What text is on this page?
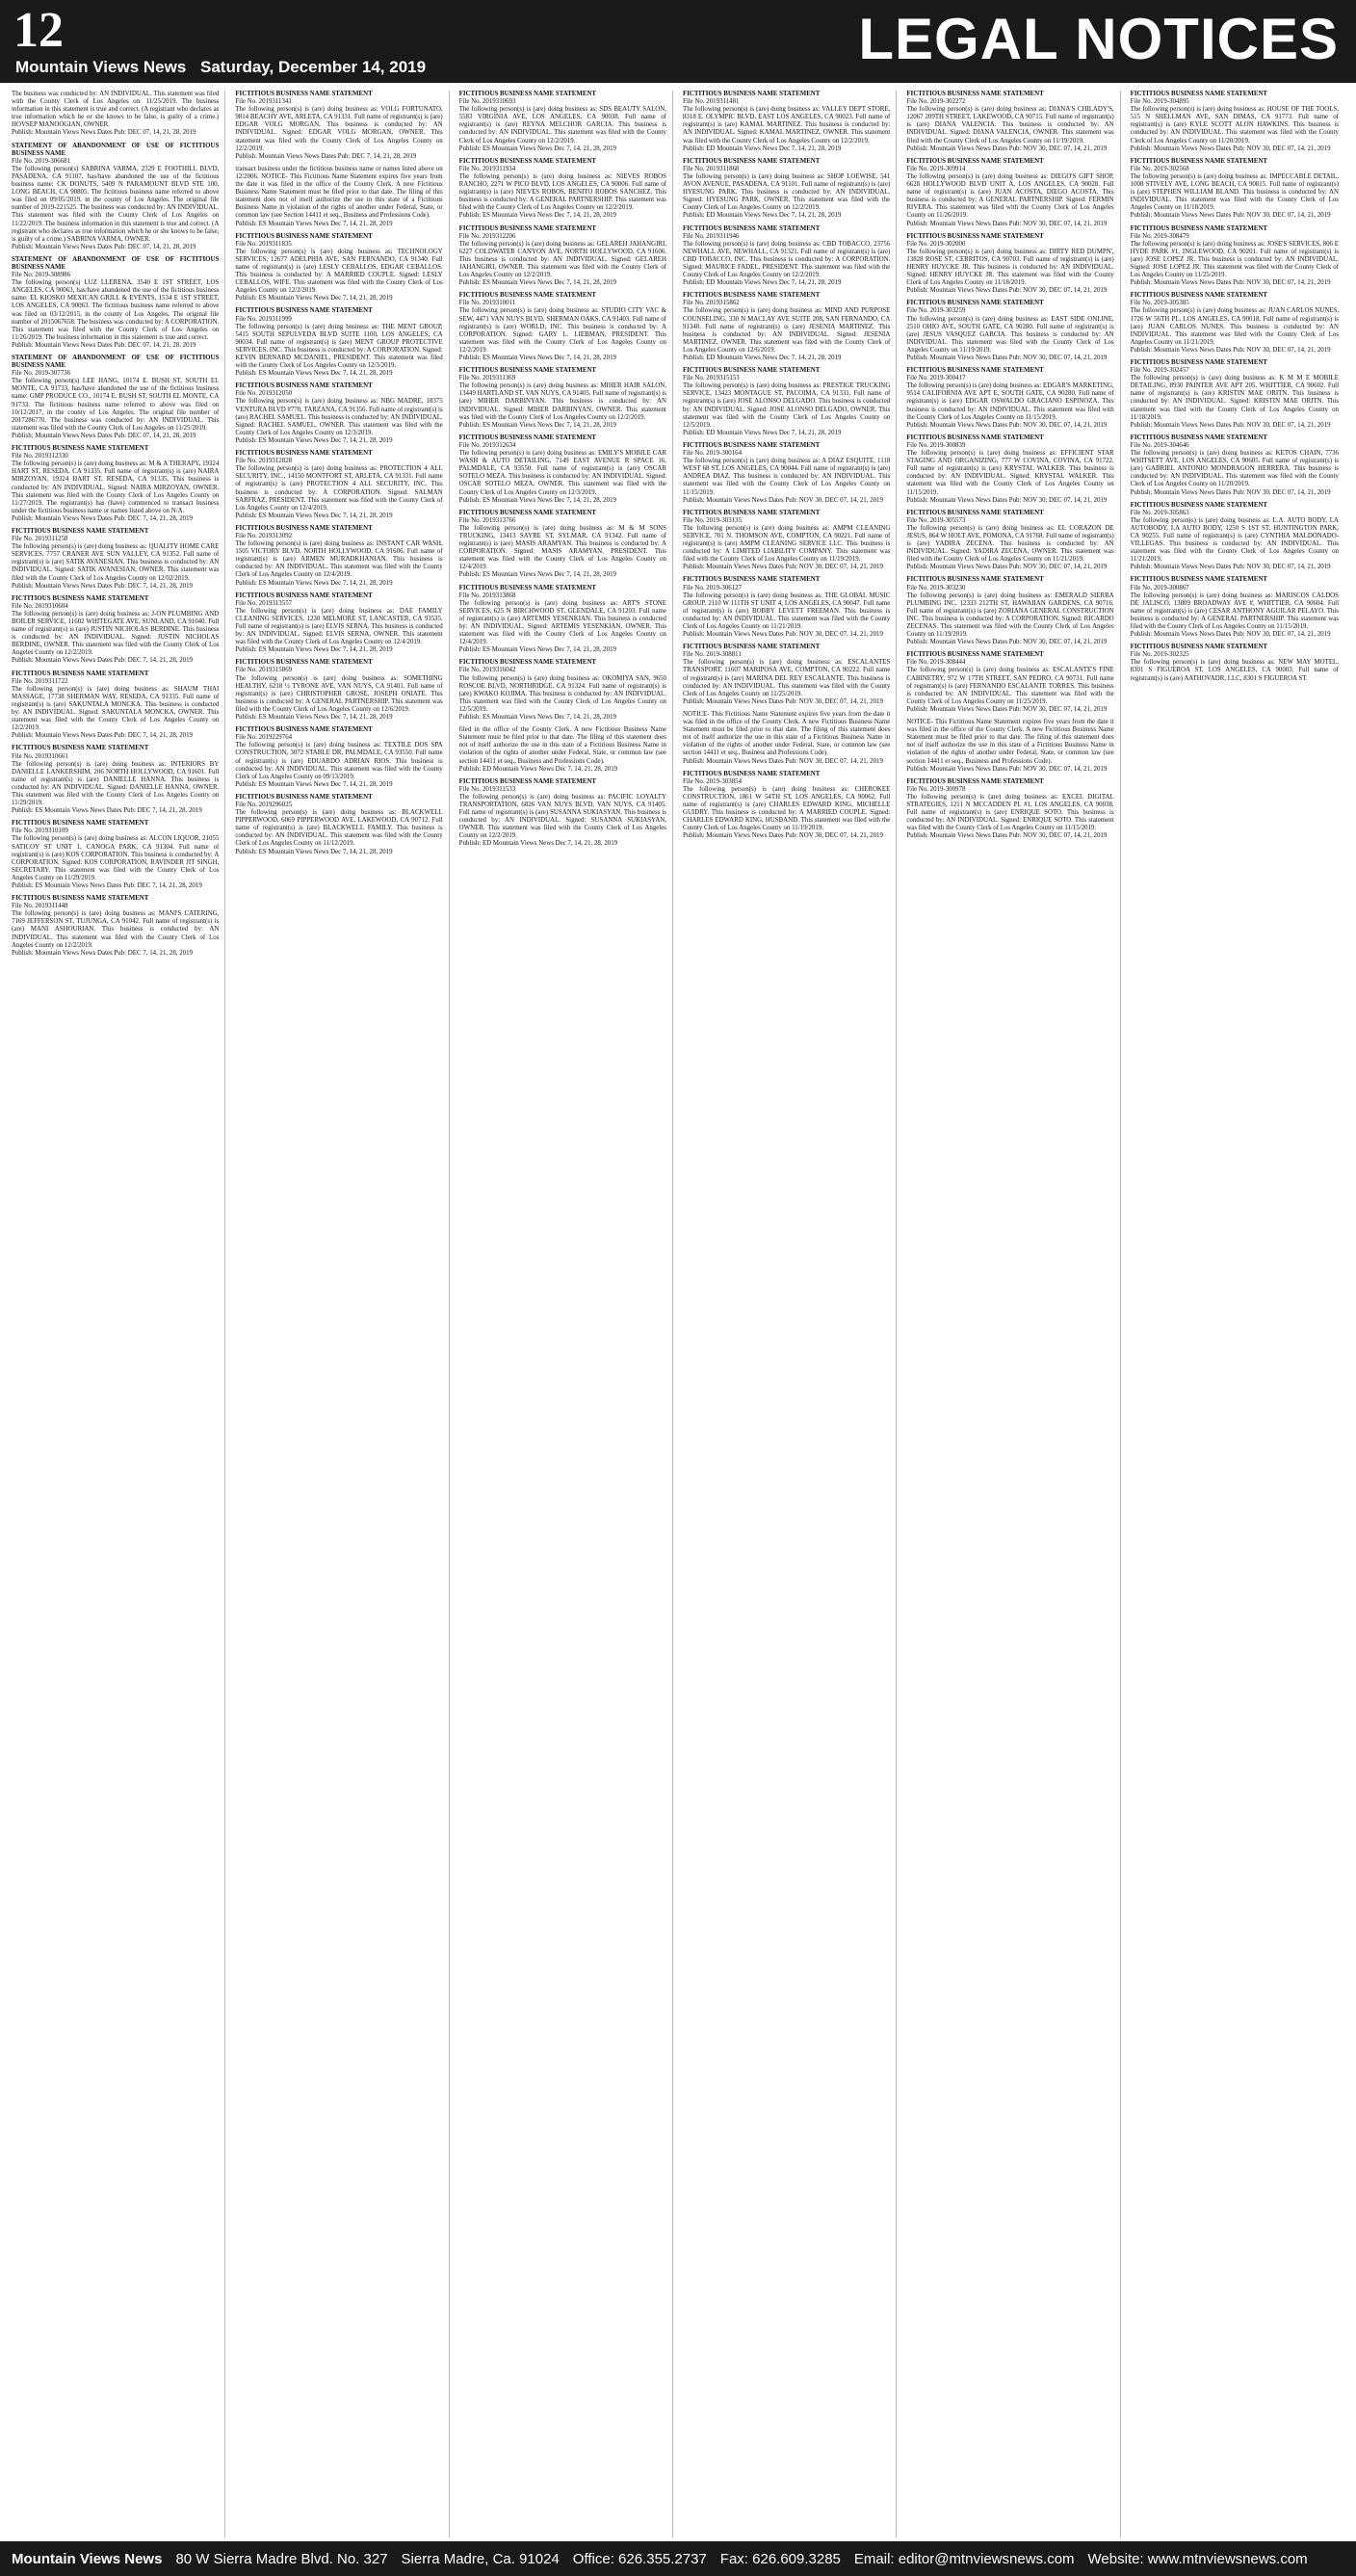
12
Mountain Views News Saturday, December 14, 2019	LEGAL NOTICES
The business was conducted by: AN INDIVIDUAL. This statement was filed with the County Clerk of Los Angeles on: 11/25/2019. The business information in this statement is true and correct. (A registrant who declares as true information which he or she knows to be false, is guilty of a crime.) HOVSEP MANOOGIAN, OWNER.
Publish: Mountain Views News Dates Pub: DEC 07, 14, 21, 28, 2019
STATEMENT OF ABANDONMENT OF USE OF FICTITIOUS BUSINESS NAME
File No. 2019-306681
The following person(s) SABRINA VARMA, 2329 E FOOTHILL BLVD, PASADENA, CA 91107, has/have abandoned the use of the fictitious business name: CK DONUTS, 5409 N PARAMOUNT BLVD STE 100, LONG BEACH, CA 90805. The fictitious business name referred to above was filed on 09/05/2019, in the county of Los Angeles. The original file number of 2019-221525. The business was conducted by: AN INDIVIDUAL. This statement was filed with the County Clerk of Los Angeles on 11/22/2019. The business information in this statement is true and correct. (A registrant who declares as true information which he or she knows to be false, is guilty of a crime.) SABRINA VARMA, OWNER.
Publish: Mountain Views News Dates Pub: DEC 07, 14, 21, 28, 2019
STATEMENT OF ABANDONMENT OF USE OF FICTITIOUS BUSINESS NAME
File No. 2019-308986
The following person(s) LUZ LLERENA, 3540 E 1ST STREET, LOS ANGELES, CA 90063, has/have abandoned the use of the fictitious business name: EL KIOSKO MEXICAN GRILL & EVENTS, 1534 E 1ST STREET, LOS ANGELES, CA 90063. The fictitious business name referred to above was filed on 03/12/2015, in the county of Los Angeles. The original file number of 2015067658. The business was conducted by: A CORPORATION. This statement was filed with the County Clerk of Los Angeles on 11/26/2019. The business information in this statement is true and correct.
Publish: Mountain Views News Dates Pub: DEC 07, 14, 21, 28, 2019
STATEMENT OF ABANDONMENT OF USE OF FICTITIOUS BUSINESS NAME
File No. 2019-307736
The following person(s) LEE HANG, 10174 E. BUSH ST, SOUTH EL MONTE, CA 91733, has/have abandoned the use of the fictitious business name: GMP PRODUCE CO., 10174 E. BUSH ST, SOUTH EL MONTE, CA 91733. The fictitious business name referred to above was filed on 10/12/2017, in the county of Los Angeles. The original file number of 2017286770. The business was conducted by: AN INDIVIDUAL. This statement was filed with the County Clerk of Los Angeles on 11/25/2019.
Publish: Mountain Views News Dates Pub: DEC 07, 14, 21, 28, 2019
FICTITIOUS BUSINESS NAME STATEMENT
File No. 2019312330
The following person(s) is (are) doing business as: M & A THERAPY, 19324 HART ST, RESEDA, CA 91335. Full name of registrant(s) is (are) NAIRA MIRZOYAN, 19324 HART ST, RESEDA, CA 91335. This business is conducted by: AN INDIVIDUAL. Signed: NAIRA MIRZOYAN, OWNER. This statement was filed with the County Clerk of Los Angeles County on 11/27/2019. The registrant(s) has (have) commenced to transact business under the fictitious business name or names listed above on N/A.
Publish: Mountain Views News Dates Pub: DEC 7, 14, 21, 28, 2019
FICTITIOUS BUSINESS NAME STATEMENT
File No. 2019311258
The following person(s) is (are) doing business as: QUALITY HOME CARE SERVICES, 7757 CRANER AVE SUN VALLEY, CA 91352. Full name of registrant(s) is (are) SATIK AVANESIAN. This business is conducted by: AN INDIVIDUAL. Signed: SATIK AVANESIAN, OWNER. This statement was filed with the County Clerk of Los Angeles County on 12/02/2019.
Publish: Mountain Views News Dates Pub: DEC 7, 14, 21, 28, 2019
FICTITIOUS BUSINESS NAME STATEMENT
File No. 2019310604
The following person(s) is (are) doing business as: J-ON PLUMBING AND BOILER SERVICE, 11602 WHITEGATE AVE, SUNLAND, CA 91040. Full name of registrant(s) is (are) JUSTIN NICHOLAS BERDINE. This business is conducted by: AN INDIVIDUAL. Signed: JUSTIN NICHOLAS BERDINE, OWNER. This statement was filed with the County Clerk of Los Angeles County on 12/2/2019.
Publish: Mountain Views News Dates Pub: DEC 7, 14, 21, 28, 2019
FICTITIOUS BUSINESS NAME STATEMENT
File No. 2019311722
The following person(s) is (are) doing business as: SHAUM THAI MASSAGE, 17738 SHERMAN WAY, RESEDA, CA 91335. Full name of registrant(s) is (are) SAKUNTALA MONCKA. This business is conducted by: AN INDIVIDUAL. Signed: SAKUNTALA MONCKA, OWNER. This statement was filed with the County Clerk of Los Angeles County on 12/2/2019.
Publish: Mountain Views News Dates Pub: DEC 7, 14, 21, 28, 2019
FICTITIOUS BUSINESS NAME STATEMENT
File No. 2019310661
The following person(s) is (are) doing business as: INTERIORS BY DANIELLE LANKERSHIM, 206 NORTH HOLLYWOOD, CA 91601. Full name of registrant(s) is (are) DANIELLE HANNA. This business is conducted by: AN INDIVIDUAL. Signed: DANIELLE HANNA, OWNER. This statement was filed with the County Clerk of Los Angeles County on 11/29/2019.
Publish: ES Mountain Views News Dates Pub: DEC 7, 14, 21, 28, 2019
FICTITIOUS BUSINESS NAME STATEMENT
File No. 2019310109
The following person(s) is (are) doing business as: ALCON LIQUOR, 21055 SATICOY ST UNIT 1, CANOGA PARK, CA 91304. Full name of registrant(s) is (are) KOS CORPORATION. This business is conducted by: A CORPORATION. Signed: KOS CORPORATION, RAVINDER JIT SINGH, SECRETARY. This statement was filed with the County Clerk of Los Angeles County on 11/29/2019.
Publish: ES Mountain Views News Dates Pub: DEC 7, 14, 21, 28, 2019
FICTITIOUS BUSINESS NAME STATEMENT
File No. 2019311448
The following person(s) is (are) doing business as: MANI'S CATERING, 7169 JEFFERSON ST, TUJUNGA, CA 91042. Full name of registrant(s) is (are) MANI ASHOURIAN. This business is conducted by: AN INDIVIDUAL. This statement was filed with the County Clerk of Los Angeles County on 12/2/2019.
Publish: Mountain Views News Dates Pub: DEC 7, 14, 21, 28, 2019
FICTITIOUS BUSINESS NAME STATEMENT
File No. 2019311341
The following person(s) is (are) doing business as: VOLG FORTUNATO, 9814 BEACHY AVE, ARLETA, CA 91331. Full name of registrant(s) is (are) EDGAR VOLG MORGAN. This business is conducted by: AN INDIVIDUAL. Signed: EDGAR VOLG MORGAN, OWNER. This statement was filed with the County Clerk of Los Angeles County on 12/2/2019.
Publish: Mountain Views News Dates Pub: DEC 7, 14, 21, 28, 2019
transact business under the fictitious business name or names listed above on 12/2006. NOTICE- This Fictitious Name Statement expires five years from the date it was filed in the office of the County Clerk. A new Fictitious Business Name Statement must be filed prior to that date. The filing of this statement does not of itself authorize the use in this state of a Fictitious Business Name in violation of the rights of another under Federal, State, or common law (see Section 14411 et seq., Business and Professions Code).
Publish: ES Mountain Views News Dec 7, 14, 21, 28, 2019
FICTITIOUS BUSINESS NAME STATEMENT
File No. 2019311835
The following person(s) is (are) doing business as: TECHNOLOGY SERVICES, 12677 ADELPHIA AVE, SAN FERNANDO, CA 91340. Full name of registrant(s) is (are) LESLY CEBALLOS, EDGAR CEBALLOS. This business is conducted by: A MARRIED COUPLE. Signed: LESLY CEBALLOS, WIFE. This statement was filed with the County Clerk of Los Angeles County on 12/2/2019.
Publish: ES Mountain Views News Dec 7, 14, 21, 28, 2019
FICTITIOUS BUSINESS NAME STATEMENT
File No. 2019311999
The following person(s) is (are) doing business as: THE MENT GROUP, 5415 SOUTH SEPULVEDA BLVD SUITE 1100, LOS ANGELES, CA 90034. Full name of registrant(s) is (are) MENT GROUP PROTECTIVE SERVICES, INC. This business is conducted by: A CORPORATION. Signed: KEVIN BERNARD MCDANIEL, PRESIDENT. This statement was filed with the County Clerk of Los Angeles County on 12/3/2019.
Publish: ES Mountain Views News Dec 7, 14, 21, 28, 2019
FICTITIOUS BUSINESS NAME STATEMENT
File No. 2019312050
The following person(s) is (are) doing business as: NBG MADRE, 18375 VENTURA BLVD #770, TARZANA, CA 91356. Full name of registrant(s) is (are) RACHEL SAMUEL. This business is conducted by: AN INDIVIDUAL. Signed: RACHEL SAMUEL, OWNER. This statement was filed with the County Clerk of Los Angeles County on 12/3/2019.
Publish: ES Mountain Views News Dec 7, 14, 21, 28, 2019
FICTITIOUS BUSINESS NAME STATEMENT
File No. 2019312828
The following person(s) is (are) doing business as: PROTECTION 4 ALL SECURITY, INC., 14150 MONTFORT ST, ARLETA, CA 91331. Full name of registrant(s) is (are) PROTECTION 4 ALL SECURITY, INC. This business is conducted by: A CORPORATION. Signed: SALMAN SARFRAZ, PRESIDENT. This statement was filed with the County Clerk of Los Angeles County on 12/4/2019.
Publish: ES Mountain Views News Dec 7, 14, 21, 28, 2019
FICTITIOUS BUSINESS NAME STATEMENT
File No. 2019313092
The following person(s) is (are) doing business as: INSTANT CAR WASH, 1505 VICTORY BLVD, NORTH HOLLYWOOD, CA 91606. Full name of registrant(s) is (are) ARMEN MURADKHANIAN. This business is conducted by: AN INDIVIDUAL. This statement was filed with the County Clerk of Los Angeles County on 12/4/2019.
Publish: ES Mountain Views News Dec 7, 14, 21, 28, 2019
FICTITIOUS BUSINESS NAME STATEMENT
File No. 2019313557
The following person(s) is (are) doing business as: DAE FAMILY CLEANING SERVICES, 1230 MELMORE ST, LANCASTER, CA 93535. Full name of registrant(s) is (are) ELVIS SERNA. This business is conducted by: AN INDIVIDUAL. Signed: ELVIS SERNA, OWNER. This statement was filed with the County Clerk of Los Angeles County on 12/4/2019.
Publish: ES Mountain Views News Dec 7, 14, 21, 28, 2019
FICTITIOUS BUSINESS NAME STATEMENT
File No. 2019315869
The following person(s) is (are) doing business as: SOMETHING HEALTHY, 6218 ½ TYRONE AVE, VAN NUYS, CA 91401. Full name of registrant(s) is (are) CHRISTOPHER GROSE, JOSEPH ONIATE. This business is conducted by: A GENERAL PARTNERSHIP. This statement was filed with the County Clerk of Los Angeles County on 12/6/2019.
Publish: ES Mountain Views News Dec 7, 14, 21, 28, 2019
FICTITIOUS BUSINESS NAME STATEMENT
File No. 2019229764
The following person(s) is (are) doing business as: TEXTILE DOS SPA CONSTRUCTION, 3072 STABLE DR, PALMDALE, CA 93550. Full name of registrant(s) is (are) EDUARDO ADRIAN RIOS. This business is conducted by: AN INDIVIDUAL. This statement was filed with the County Clerk of Los Angeles County on 09/13/2019.
Publish: ES Mountain Views News Dec 7, 14, 21, 28, 2019
FICTITIOUS BUSINESS NAME STATEMENT
File No. 2019296025
The following person(s) is (are) doing business as: BLACKWELL PIPPERWOOD, 6069 PIPPERWOOD AVE, LAKEWOOD, CA 90712. Full name of registrant(s) is (are) BLACKWELL FAMILY. This business is conducted by: AN INDIVIDUAL. This statement was filed with the County Clerk of Los Angeles County on 11/12/2019.
Publish: ES Mountain Views News Dec 7, 14, 21, 28, 2019
FICTITIOUS BUSINESS NAME STATEMENT
File No. 2019310693
The following person(s) is (are) doing business as: SDS BEAUTY SALON, 5583 VIRGINIA AVE, LOS ANGELES, CA 90038. Full name of registrant(s) is (are) REYNA MELCHOR GARCIA. This business is conducted by: AN INDIVIDUAL. This statement was filed with the County Clerk of Los Angeles County on 12/2/2019.
Publish: ES Mountain Views News Dec 7, 14, 21, 28, 2019
FICTITIOUS BUSINESS NAME STATEMENT
File No. 2019311934
The following person(s) is (are) doing business as: NIEVES ROBOS RANCHO, 2271 W PICO BLVD, LOS ANGELES, CA 90006. Full name of registrant(s) is (are) NIEVES ROBOS, BENITO ROBOS SANCHEZ. This business is conducted by: A GENERAL PARTNERSHIP. This statement was filed with the County Clerk of Los Angeles County on 12/2/2019.
Publish: ES Mountain Views News Dec 7, 14, 21, 28, 2019
FICTITIOUS BUSINESS NAME STATEMENT
File No. 2019312206
The following person(s) is (are) doing business as: GELAREH JAHANGIRI, 6227 COLDWATER CANYON AVE, NORTH HOLLYWOOD, CA 91606. This business is conducted by: AN INDIVIDUAL. Signed: GELAREH JAHANGIRI, OWNER. This statement was filed with the County Clerk of Los Angeles County on 12/2/2019.
Publish: ES Mountain Views News Dec 7, 14, 21, 28, 2019
FICTITIOUS BUSINESS NAME STATEMENT
File No. 2019310011
The following person(s) is (are) doing business as: STUDIO CITY VAC & SEW, 4471 VAN NUYS BLVD, SHERMAN OAKS, CA 91403. Full name of registrant(s) is (are) WORLD, INC. This business is conducted by: A CORPORATION. Signed: GARY L. LIEBMAN, PRESIDENT. This statement was filed with the County Clerk of Los Angeles County on 12/2/2019.
Publish: ES Mountain Views News Dec 7, 14, 21, 28, 2019
FICTITIOUS BUSINESS NAME STATEMENT
File No. 2019311369
The following person(s) is (are) doing business as: MIHER HAIR SALON, 13449 HARTLAND ST, VAN NUYS, CA 91405. Full name of registrant(s) is (are) MIHER DARBINYAN. This business is conducted by: AN INDIVIDUAL. Signed: MIHER DARBINYAN, OWNER. This statement was filed with the County Clerk of Los Angeles County on 12/2/2019.
Publish: ES Mountain Views News Dec 7, 14, 21, 28, 2019
FICTITIOUS BUSINESS NAME STATEMENT
File No. 2019312634
The following person(s) is (are) doing business as: EMILY'S MOBILE CAR WASH & AUTO DETAILING, 7149 EAST AVENUE R SPACE 16, PALMDALE, CA 93550. Full name of registrant(s) is (are) OSCAR SOTELO MEZA. This business is conducted by: AN INDIVIDUAL. Signed: OSCAR SOTELO MEZA, OWNER. This statement was filed with the County Clerk of Los Angeles County on 12/3/2019.
Publish: ES Mountain Views News Dec 7, 14, 21, 28, 2019
FICTITIOUS BUSINESS NAME STATEMENT
File No. 2019313766
The following person(s) is (are) doing business as: M & M SONS TRUCKING, 13413 SAYRE ST, SYLMAR, CA 91342. Full name of registrant(s) is (are) MASIS ARAMYAN. This business is conducted by: A CORPORATION. Signed: MASIS ARAMYAN, PRESIDENT. This statement was filed with the County Clerk of Los Angeles County on 12/4/2019.
Publish: ES Mountain Views News Dec 7, 14, 21, 28, 2019
FICTITIOUS BUSINESS NAME STATEMENT
File No. 2019313868
The following person(s) is (are) doing business as: ART'S STONE SERVICES, 625 N BIRCHWOOD ST, GLENDALE, CA 91203. Full name of registrant(s) is (are) ARTEMIS YESENKIAN. This business is conducted by: AN INDIVIDUAL. Signed: ARTEMIS YESENKIAN, OWNER. This statement was filed with the County Clerk of Los Angeles County on 12/4/2019.
Publish: ES Mountain Views News Dec 7, 14, 21, 28, 2019
FICTITIOUS BUSINESS NAME STATEMENT
File No. 2019316042
The following person(s) is (are) doing business as: OKOMIYA SAN, 9650 ROSCOE BLVD, NORTHRIDGE, CA 91324. Full name of registrant(s) is (are) KWAKO KOJIMA. This business is conducted by: AN INDIVIDUAL. This statement was filed with the County Clerk of Los Angeles County on 12/5/2019.
Publish: ES Mountain Views News Dec 7, 14, 21, 28, 2019
filed in the office of the County Clerk. A new Fictitious Business Name Statement must be filed prior to that date. The filing of this statement does not of itself authorize the use in this state of a Fictitious Business Name in violation of the rights of another under Federal, State, or common law (see section 14411 et seq., Business and Professions Code).
Publish: ED Mountain Views News Dec 7, 14, 21, 28, 2019
FICTITIOUS BUSINESS NAME STATEMENT
File No. 2019311533
The following person(s) is (are) doing business as: PACIFIC LOYALTY TRANSPORTATION, 6826 VAN NUYS BLVD, VAN NUYS, CA 91405. Full name of registrant(s) is (are) SUSANNA SUKIASYAN. This business is conducted by: AN INDIVIDUAL. Signed: SUSANNA SUKIASYAN, OWNER. This statement was filed with the County Clerk of Los Angeles County on 12/2/2019.
Publish: ED Mountain Views News Dec 7, 14, 21, 28, 2019
FICTITIOUS BUSINESS NAME STATEMENT
File No. 2019311481
The following person(s) is (are) doing business as: VALLEY DEPT STORE, 8318 E. OLYMPIC BLVD, EAST LOS ANGELES, CA 90023. Full name of registrant(s) is (are) KAMAL MARTINEZ. This business is conducted by: AN INDIVIDUAL. Signed: KAMAL MARTINEZ, OWNER. This statement was filed with the County Clerk of Los Angeles County on 12/2/2019.
Publish: ED Mountain Views News Dec 7, 14, 21, 28, 2019
FICTITIOUS BUSINESS NAME STATEMENT
File No. 2019311868
The following person(s) is (are) doing business as: SHOP LOEWISE, 541 AVON AVENUE, PASADENA, CA 91101. Full name of registrant(s) is (are) HYESUNG PARK. This business is conducted by: AN INDIVIDUAL. Signed: HYESUNG PARK, OWNER. This statement was filed with the County Clerk of Los Angeles County on 12/2/2019.
Publish: ED Mountain Views News Dec 7, 14, 21, 28, 2019
FICTITIOUS BUSINESS NAME STATEMENT
File No. 2019311946
The following person(s) is (are) doing business as: CBD TOBACCO, 23756 NEWHALL AVE, NEWHALL, CA 91321. Full name of registrant(s) is (are) CBD TOBACCO, INC. This business is conducted by: A CORPORATION. Signed: MAURICE FADEL, PRESIDENT. This statement was filed with the County Clerk of Los Angeles County on 12/2/2019.
Publish: ED Mountain Views News Dec 7, 14, 21, 28, 2019
FICTITIOUS BUSINESS NAME STATEMENT
File No. 2019315862
The following person(s) is (are) doing business as: MIND AND PURPOSE COUNSELING, 330 N MACLAY AVE SUITE 208, SAN FERNANDO, CA 91340. Full name of registrant(s) is (are) JESENIA MARTINEZ. This business is conducted by: AN INDIVIDUAL. Signed: JESENIA MARTINEZ, OWNER. This statement was filed with the County Clerk of Los Angeles County on 12/6/2019.
Publish: ED Mountain Views News Dec 7, 14, 21, 28, 2019
FICTITIOUS BUSINESS NAME STATEMENT
File No. 2019315153
The following person(s) is (are) doing business as: PRESTIGE TRUCKING SERVICE, 13423 MONTAGUE ST, PACOIMA, CA 91331. Full name of registrant(s) is (are) JOSE ALONSO DELGADO. This business is conducted by: AN INDIVIDUAL. Signed: JOSE ALONSO DELGADO, OWNER. This statement was filed with the County Clerk of Los Angeles County on 12/5/2019.
Publish: ED Mountain Views News Dec 7, 14, 21, 28, 2019
FICTITIOUS BUSINESS NAME STATEMENT
File No. 2019-300164
The following person(s) is (are) doing business as: A DIAZ ESQUITE, 1118 WEST 68 ST, LOS ANGELES, CA 90044. Full name of registrant(s) is (are) ANDREA DIAZ. This business is conducted by: AN INDIVIDUAL. This statement was filed with the County Clerk of Los Angeles County on 11/15/2019.
Publish: Mountain Views News Dates Pub: NOV 30, DEC 07, 14, 21, 2019
FICTITIOUS BUSINESS NAME STATEMENT
File No. 2019-303135
The following person(s) is (are) doing business as: AMPM CLEANING SERVICE, 701 N. THOMSON AVE, COMPTON, CA 90221. Full name of registrant(s) is (are) AMPM CLEANING SERVICE LLC. This business is conducted by: A LIMITED LIABILITY COMPANY. This statement was filed with the County Clerk of Los Angeles County on 11/19/2019.
Publish: Mountain Views News Dates Pub: NOV 30, DEC 07, 14, 21, 2019
FICTITIOUS BUSINESS NAME STATEMENT
File No. 2019-306127
The following person(s) is (are) doing business as: THE GLOBAL MUSIC GROUP, 2110 W 111TH ST UNIT 4, LOS ANGELES, CA 90047. Full name of registrant(s) is (are) BOBBY LEVETT FREEMAN. This business is conducted by: AN INDIVIDUAL. This statement was filed with the County Clerk of Los Angeles County on 11/21/2019.
Publish: Mountain Views News Dates Pub: NOV 30, DEC 07, 14, 21, 2019
FICTITIOUS BUSINESS NAME STATEMENT
File No. 2019-308811
The following person(s) is (are) doing business as: ESCALANTES TRANSPORT, 11607 MARIPOSA AVE, COMPTON, CA 90222. Full name of registrant(s) is (are) MARINA DEL REY ESCALANTE. This business is conducted by: AN INDIVIDUAL. This statement was filed with the County Clerk of Los Angeles County on 11/25/2019.
Publish: Mountain Views News Dates Pub: NOV 30, DEC 07, 14, 21, 2019
NOTICE- This Fictitious Name Statement expires five years from the date it was filed in the office of the County Clerk. A new Fictitious Business Name Statement must be filed prior to that date. The filing of this statement does not of itself authorize the use in this state of a Fictitious Business Name in violation of the rights of another under Federal, State, or common law (see section 14411 et seq., Business and Professions Code).
Publish: Mountain Views News Dates Pub: NOV 30, DEC 07, 14, 21, 2019
FICTITIOUS BUSINESS NAME STATEMENT
File No. 2019-303854
The following person(s) is (are) doing business as: CHEROKEE CONSTRUCTION, 1861 W 54TH ST, LOS ANGELES, CA 90062. Full name of registrant(s) is (are) CHARLES EDWARD KING, MICHELLE GUIDRY. This business is conducted by: A MARRIED COUPLE. Signed: CHARLES EDWARD KING, HUSBAND. This statement was filed with the County Clerk of Los Angeles County on 11/19/2019.
Publish: Mountain Views News Dates Pub: NOV 30, DEC 07, 14, 21, 2019
FICTITIOUS BUSINESS NAME STATEMENT
File No. 2019-302272
The following person(s) is (are) doing business as: DIANA'S CHILADY'S, 12067 209TH STREET, LAKEWOOD, CA 90715. Full name of registrant(s) is (are) DIANA VALENCIA. This business is conducted by: AN INDIVIDUAL. Signed: DIANA VALENCIA, OWNER. This statement was filed with the County Clerk of Los Angeles County on 11/19/2019.
Publish: Mountain Views News Dates Pub: NOV 30, DEC 07, 14, 21, 2019
FICTITIOUS BUSINESS NAME STATEMENT
File No. 2019-309914
The following person(s) is (are) doing business as: DIEGO'S GIFT SHOP, 6628 HOLLYWOOD BLVD UNIT A, LOS ANGELES, CA 90028. Full name of registrant(s) is (are) JUAN ACOSTA, DIEGO ACOSTA. This business is conducted by: A GENERAL PARTNERSHIP. Signed: FERMIN RIVERA. This statement was filed with the County Clerk of Los Angeles County on 11/26/2019.
Publish: Mountain Views News Dates Pub: NOV 30, DEC 07, 14, 21, 2019
FICTITIOUS BUSINESS NAME STATEMENT
File No. 2019-302000
The following person(s) is (are) doing business as: DIRTY RED DUMPN', 13828 ROSE ST, CERRITOS, CA 90703. Full name of registrant(s) is (are) HENRY HUYCKE JR. This business is conducted by: AN INDIVIDUAL. Signed: HENRY HUYCKE JR. This statement was filed with the County Clerk of Los Angeles County on 11/18/2019.
Publish: Mountain Views News Dates Pub: NOV 30, DEC 07, 14, 21, 2019
FICTITIOUS BUSINESS NAME STATEMENT
File No. 2019-303259
The following person(s) is (are) doing business as: EAST SIDE ONLINE, 2510 OHIO AVE, SOUTH GATE, CA 90280. Full name of registrant(s) is (are) JESUS VASQUEZ GARCIA. This business is conducted by: AN INDIVIDUAL. This statement was filed with the County Clerk of Los Angeles County on 11/19/2019.
Publish: Mountain Views News Dates Pub: NOV 30, DEC 07, 14, 21, 2019
FICTITIOUS BUSINESS NAME STATEMENT
File No. 2019-300417
The following person(s) is (are) doing business as: EDGAR'S MARKETING, 9514 CALIFORNIA AVE APT E, SOUTH GATE, CA 90280. Full name of registrant(s) is (are) EDGAR OSWALDO GRACIANO ESPINOZA. This business is conducted by: AN INDIVIDUAL. This statement was filed with the County Clerk of Los Angeles County on 11/15/2019.
Publish: Mountain Views News Dates Pub: NOV 30, DEC 07, 14, 21, 2019
FICTITIOUS BUSINESS NAME STATEMENT
File No. 2019-300839
The following person(s) is (are) doing business as: EFFICIENT STAR STAGING AND ORGANIZING, 777 W COVINA, COVINA, CA 91722. Full name of registrant(s) is (are) KRYSTAL WALKER. This business is conducted by: AN INDIVIDUAL. Signed: KRYSTAL WALKER. This statement was filed with the County Clerk of Los Angeles County on 11/15/2019.
Publish: Mountain Views News Dates Pub: NOV 30, DEC 07, 14, 21, 2019
FICTITIOUS BUSINESS NAME STATEMENT
File No. 2019-305573
The following person(s) is (are) doing business as: EL CORAZON DE JESUS, 864 W HOLT AVE, POMONA, CA 91768. Full name of registrant(s) is (are) YADIRA ZECENA. This business is conducted by: AN INDIVIDUAL. Signed: YADIRA ZECENA, OWNER. This statement was filed with the County Clerk of Los Angeles County on 11/21/2019.
Publish: Mountain Views News Dates Pub: NOV 30, DEC 07, 14, 21, 2019
FICTITIOUS BUSINESS NAME STATEMENT
File No. 2019-303230
The following person(s) is (are) doing business as: EMERALD SIERRA PLUMBING INC, 12333 212TH ST, HAWAIIAN GARDENS, CA 90716. Full name of registrant(s) is (are) ZORIANA GENERAL CONSTRUCTION INC. This business is conducted by: A CORPORATION. Signed: RICARDO ZECENAS. This statement was filed with the County Clerk of Los Angeles County on 11/19/2019.
Publish: Mountain Views News Dates Pub: NOV 30, DEC 07, 14, 21, 2019
FICTITIOUS BUSINESS NAME STATEMENT
File No. 2019-308444
The following person(s) is (are) doing business as: ESCALANTE'S FINE CABINETRY, 972 W 17TH STREET, SAN PEDRO, CA 90731. Full name of registrant(s) is (are) FERNANDO ESCALANTE TORRES. This business is conducted by: AN INDIVIDUAL. This statement was filed with the County Clerk of Los Angeles County on 11/25/2019.
Publish: Mountain Views News Dates Pub: NOV 30, DEC 07, 14, 21, 2019
NOTICE- This Fictitious Name Statement expires five years from the date it was filed in the office of the County Clerk. A new Fictitious Business Name Statement must be filed prior to that date. The filing of this statement does not of itself authorize the use in this state of a Fictitious Business Name in violation of the rights of another under Federal, State, or common law (see section 14411 et seq., Business and Professions Code).
Publish: Mountain Views News Dates Pub: NOV 30, DEC 07, 14, 21, 2019
FICTITIOUS BUSINESS NAME STATEMENT
File No. 2019-300978
The following person(s) is (are) doing business as: EXCEL DIGITAL STRATEGIES, 1211 N MCCADDEN PL #1, LOS ANGELES, CA 90038. Full name of registrant(s) is (are) ENRIQUE SOTO. This business is conducted by: AN INDIVIDUAL. Signed: ENRIQUE SOTO. This statement was filed with the County Clerk of Los Angeles County on 11/15/2019.
Publish: Mountain Views News Dates Pub: NOV 30, DEC 07, 14, 21, 2019
FICTITIOUS BUSINESS NAME STATEMENT
File No. 2019-304895
The following person(s) is (are) doing business as: HOUSE OF THE TOOLS, 515 N SHELLMAN AVE, SAN DIMAS, CA 91773. Full name of registrant(s) is (are) KYLE SCOTT ALON HAWKINS. This business is conducted by: AN INDIVIDUAL. This statement was filed with the County Clerk of Los Angeles County on 11/20/2019.
Publish: Mountain Views News Dates Pub: NOV 30, DEC 07, 14, 21, 2019
FICTITIOUS BUSINESS NAME STATEMENT
File No. 2019-302568
The following person(s) is (are) doing business as: IMPECCABLE DETAIL, 1008 STIVELY AVE, LONG BEACH, CA 90815. Full name of registrant(s) is (are) STEPHEN WILLIAM BLAND. This business is conducted by: AN INDIVIDUAL. This statement was filed with the County Clerk of Los Angeles County on 11/18/2019.
Publish: Mountain Views News Dates Pub: NOV 30, DEC 07, 14, 21, 2019
FICTITIOUS BUSINESS NAME STATEMENT
File No. 2019-308479
The following person(s) is (are) doing business as: JOSE'S SERVICES, 806 E HYDE PARK #1, INGLEWOOD, CA 90201. Full name of registrant(s) is (are) JOSE LOPEZ JR. This business is conducted by: AN INDIVIDUAL. Signed: JOSE LOPEZ JR. This statement was filed with the County Clerk of Los Angeles County on 11/25/2019.
Publish: Mountain Views News Dates Pub: NOV 30, DEC 07, 14, 21, 2019
FICTITIOUS BUSINESS NAME STATEMENT
File No. 2019-305385
The following person(s) is (are) doing business as: JUAN CARLOS NUNES, 1726 W 56TH PL, LOS ANGELES, CA 90018. Full name of registrant(s) is (are) JUAN CARLOS NUNES. This business is conducted by: AN INDIVIDUAL. This statement was filed with the County Clerk of Los Angeles County on 11/21/2019.
Publish: Mountain Views News Dates Pub: NOV 30, DEC 07, 14, 21, 2019
FICTITIOUS BUSINESS NAME STATEMENT
File No. 2019-302457
The following person(s) is (are) doing business as: K M M E MOBILE DETAILING, 8930 PAINTER AVE APT 205, WHITTIER, CA 90602. Full name of registrant(s) is (are) KRISTIN MAE ORITN. This business is conducted by: AN INDIVIDUAL. Signed: KRISTIN MAE ORITN. This statement was filed with the County Clerk of Los Angeles County on 11/18/2019.
Publish: Mountain Views News Dates Pub: NOV 30, DEC 07, 14, 21, 2019
FICTITIOUS BUSINESS NAME STATEMENT
File No. 2019-304646
The following person(s) is (are) doing business as: KETOS CHAIN, 7736 WHITSETT AVE, LOS ANGELES, CA 90605. Full name of registrant(s) is (are) GABRIEL ANTONIO MONDRAGON HERRERA. This business is conducted by: AN INDIVIDUAL. This statement was filed with the County Clerk of Los Angeles County on 11/20/2019.
Publish: Mountain Views News Dates Pub: NOV 30, DEC 07, 14, 21, 2019
FICTITIOUS BUSINESS NAME STATEMENT
File No. 2019-305863
The following person(s) is (are) doing business as: L.A. AUTO BODY, LA AUTOBODY, LA AUTO BODY, 1250 S 1ST ST, HUNTINGTON PARK, CA 90255. Full name of registrant(s) is (are) CYNTHIA MALDONADO-VILLEGAS. This business is conducted by: AN INDIVIDUAL. This statement was filed with the County Clerk of Los Angeles County on 11/21/2019.
Publish: Mountain Views News Dates Pub: NOV 30, DEC 07, 14, 21, 2019
FICTITIOUS BUSINESS NAME STATEMENT
File No. 2019-300867
The following person(s) is (are) doing business as: MARISCOS CALDOS DE JALISCO, 13809 BROADWAY AVE #, WHITTIER, CA 90604. Full name of registrant(s) is (are) CESAR ANTHONY AGUILAR PELAYO. This business is conducted by: A GENERAL PARTNERSHIP. This statement was filed with the County Clerk of Los Angeles County on 11/15/2019.
Publish: Mountain Views News Dates Pub: NOV 30, DEC 07, 14, 21, 2019
FICTITIOUS BUSINESS NAME STATEMENT
File No. 2019-302325
The following person(s) is (are) doing business as: NEW MAY MOTEL, 8301 S FIGUEROA ST, LOS ANGELES, CA 90003. Full name of registrant(s) is (are) AATHOVADR, LLC, 8301 S FIGUEROA ST.
Mountain Views News 80 W Sierra Madre Blvd. No. 327 Sierra Madre, Ca. 91024 Office: 626.355.2737 Fax: 626.609.3285 Email: editor@mtnviewsnews.com Website: www.mtnviewsnews.com
